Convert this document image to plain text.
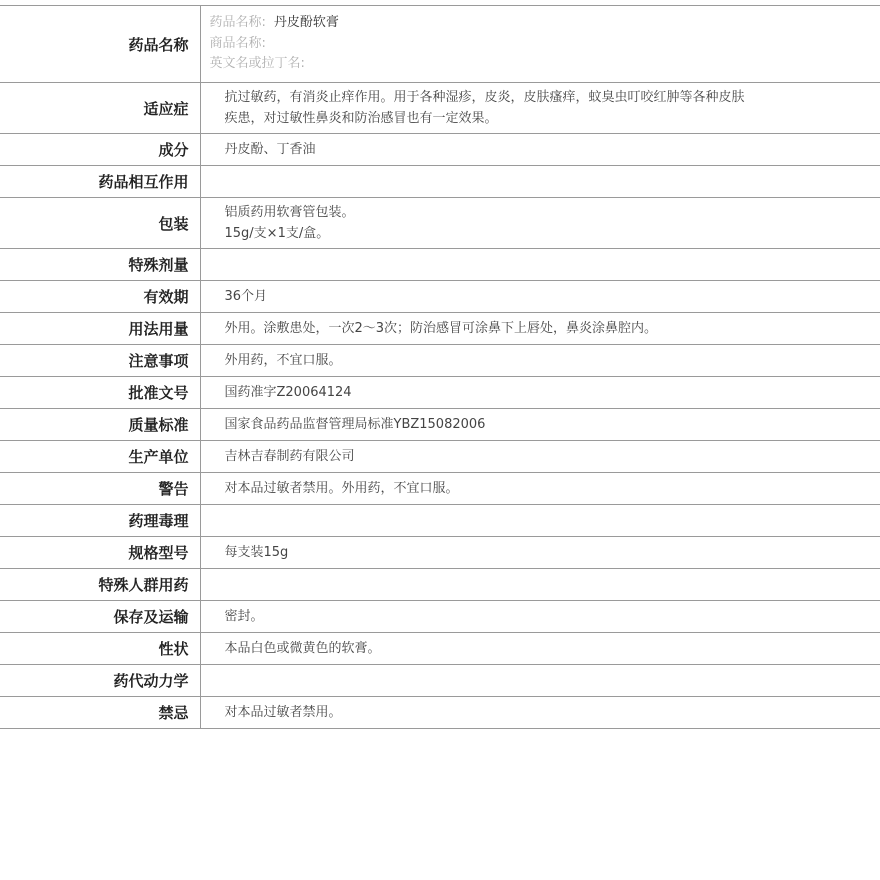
药品名称	药品名称: 丹皮酚软膏
商品名称:
英文名或拉丁名:

适应症	抗过敏药，有消炎止痒作用。用于各种湿疹，皮炎，皮肤瘙痒，蚊臭虫叮咬红肿等各种皮肤
疾患，对过敏性鼻炎和防治感冒也有一定效果。

成分	丹皮酚、丁香油

药品相互作用	

包装	铝质药用软膏管包装。
15g/支×1支/盒。

特殊剂量	

有效期	36个月

用法用量	外用。涂敷患处，一次2～3次；防治感冒可涂鼻下上唇处，鼻炎涂鼻腔内。

注意事项	外用药，不宜口服。

批准文号	国药准字Z20064124

质量标准	国家食品药品监督管理局标准YBZ15082006

生产单位	吉林吉春制药有限公司

警告	对本品过敏者禁用。外用药，不宜口服。

药理毒理	

规格型号	每支装15g

特殊人群用药	

保存及运输	密封。

性状	本品白色或微黄色的软膏。

药代动力学	

禁忌	对本品过敏者禁用。
